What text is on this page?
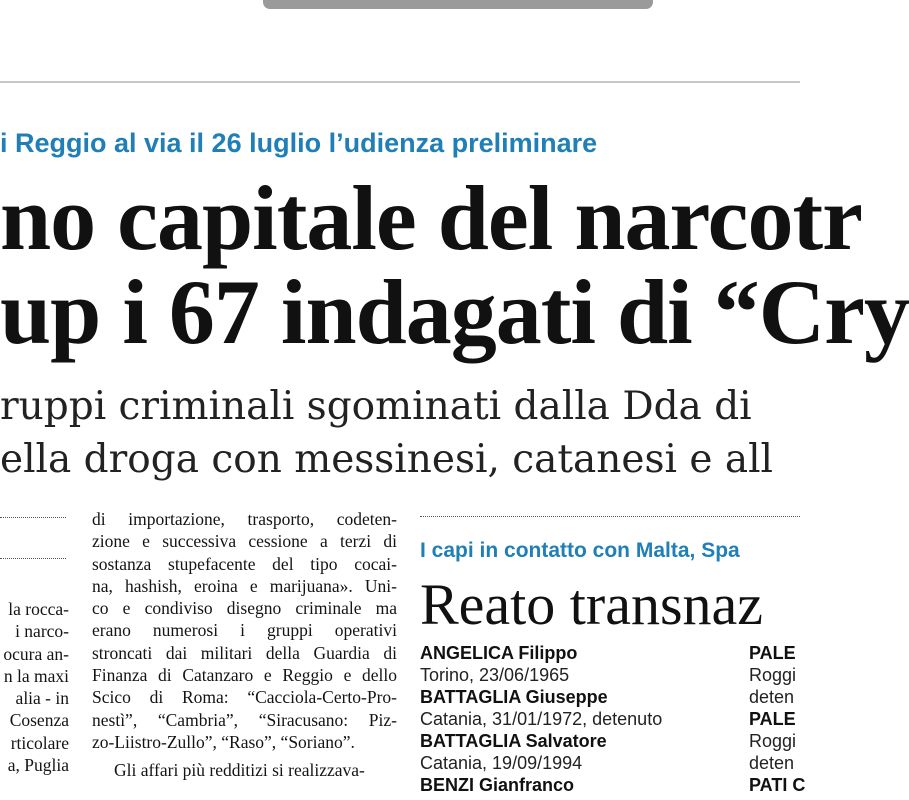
i Reggio al via il 26 luglio l’udienza preliminare
no capitale del narcotr
up i 67 indagati di “Cry
ruppi criminali sgominati dalla Dda di
ella droga con messinesi, catanesi e all
la rocca-
i narco-
ocura an-
n la maxi
alia - in
Cosenza
rticolare
a, Puglia
di importazione, trasporto, codeten-
zione e successiva cessione a terzi di
sostanza stupefacente del tipo cocai-
na, hashish, eroina e marijuana». Uni-
co e condiviso disegno criminale ma
erano numerosi i gruppi operativi
stroncati dai militari della Guardia di
Finanza di Catanzaro e Reggio e dello
Scico di Roma: “Cacciola-Certo-Pro-
nestì”, “Cambria”, “Siracusano: Piz-
zo-Liistro-Zullo”, “Raso”, “Soriano”.
Gli affari più redditizi si realizzava-
I capi in contatto con Malta, Spa
Reato transnaz
ANGELICA Filippo
Torino, 23/06/1965
BATTAGLIA Giuseppe
Catania, 31/01/1972, detenuto
BATTAGLIA Salvatore
Catania, 19/09/1994
BENZI Gianfranco
PALE
Roggi
deten
PALE
Roggi
deten
PATI C
